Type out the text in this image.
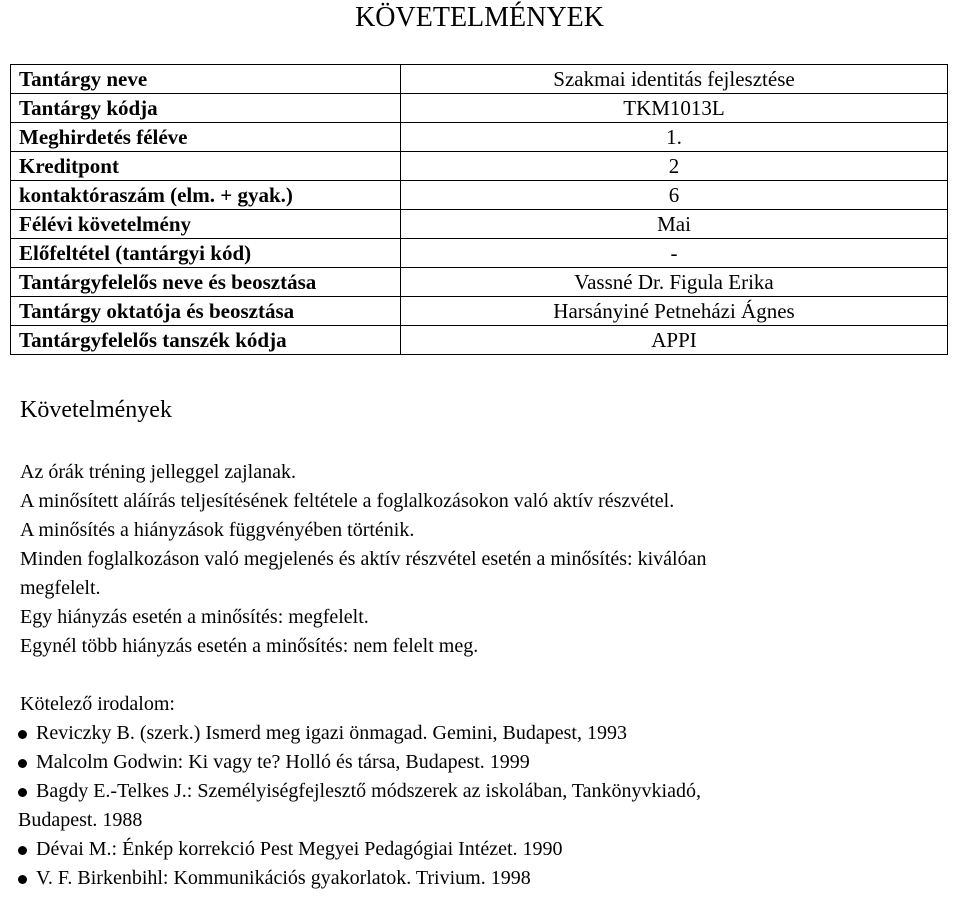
KÖVETELMÉNYEK
Tantárgy neve	Szakmai identitás fejlesztése
Tantárgy kódja	TKM1013L
Meghirdetés féléve	1.
Kreditpont	2
kontaktóraszám (elm. + gyak.)	6
Félévi követelmény	Mai
Előfeltétel (tantárgyi kód)	-
Tantárgyfelelős neve és beosztása	Vassné Dr. Figula Erika
Tantárgy oktatója és beosztása	Harsányiné Petneházi Ágnes
Tantárgyfelelős tanszék kódja	APPI
Követelmények
Az órák tréning jelleggel zajlanak.
A minősített aláírás teljesítésének feltétele a foglalkozásokon való aktív részvétel.
A minősítés a hiányzások függvényében történik.
Minden foglalkozáson való megjelenés és aktív részvétel esetén a minősítés: kiválóan
megfelelt.
Egy hiányzás esetén a minősítés: megfelelt.
Egynél több hiányzás esetén a minősítés: nem felelt meg.
Kötelező irodalom:
Reviczky B. (szerk.) Ismerd meg igazi önmagad. Gemini, Budapest, 1993
Malcolm Godwin: Ki vagy te? Holló és társa, Budapest. 1999
Bagdy E.-Telkes J.: Személyiségfejlesztő módszerek az iskolában, Tankönyvkiadó,
Budapest. 1988
Dévai M.: Énkép korrekció Pest Megyei Pedagógiai Intézet. 1990
V. F. Birkenbihl: Kommunikációs gyakorlatok. Trivium. 1998
